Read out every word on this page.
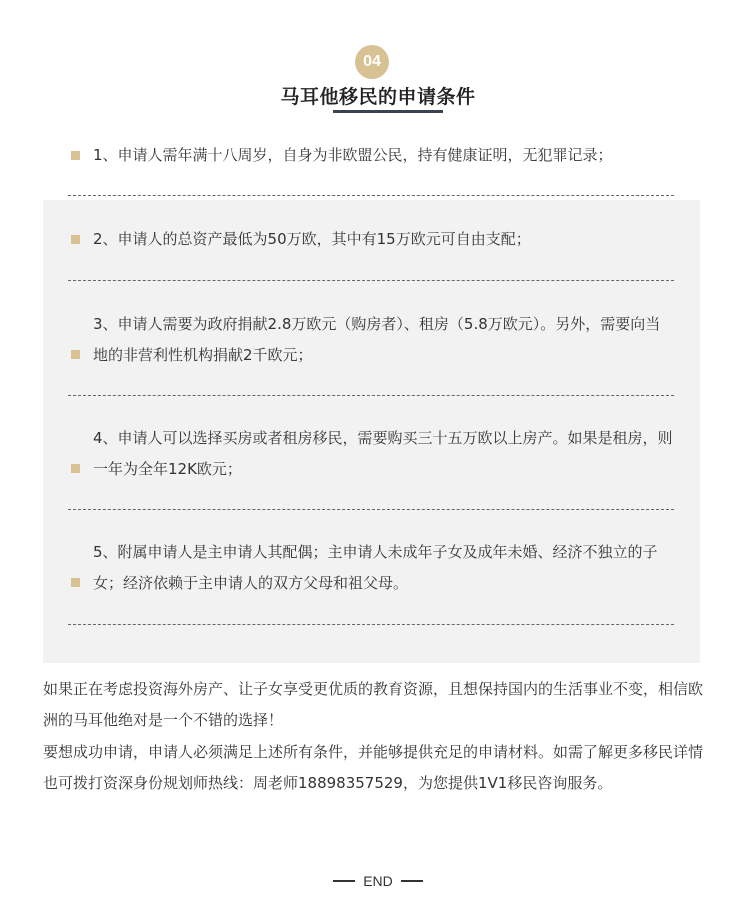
04
马耳他移民的申请条件
1、申请人需年满十八周岁，自身为非欧盟公民，持有健康证明，无犯罪记录；
2、申请人的总资产最低为50万欧，其中有15万欧元可自由支配；
3、申请人需要为政府捐献2.8万欧元（购房者）、租房（5.8万欧元）。另外，需要向当地的非营利性机构捐献2千欧元；
4、申请人可以选择买房或者租房移民，需要购买三十五万欧以上房产。如果是租房，则一年为全年12K欧元；
5、附属申请人是主申请人其配偶；主申请人未成年子女及成年未婚、经济不独立的子女；经济依赖于主申请人的双方父母和祖父母。
如果正在考虑投资海外房产、让子女享受更优质的教育资源，且想保持国内的生活事业不变，相信欧洲的马耳他绝对是一个不错的选择！
要想成功申请，申请人必须满足上述所有条件，并能够提供充足的申请材料。如需了解更多移民详情也可拨打资深身份规划师热线：周老师18898357529，为您提供1V1移民咨询服务。
END
